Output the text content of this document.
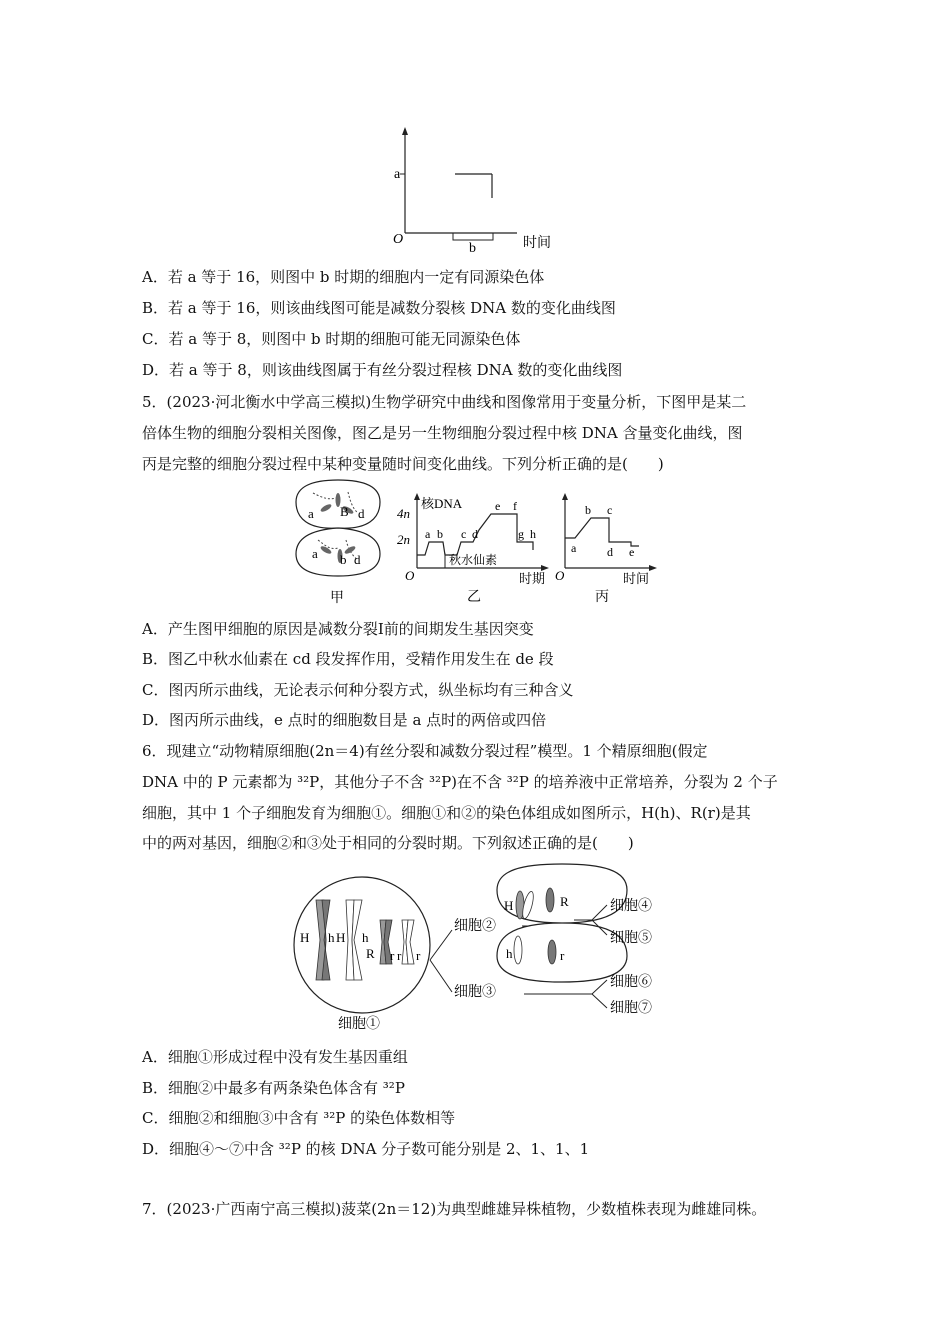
a
O
b	时间
A．若 a 等于 16，则图中 b 时期的细胞内一定有同源染色体
B．若 a 等于 16，则该曲线图可能是减数分裂核 DNA 数的变化曲线图
C．若 a 等于 8，则图中 b 时期的细胞可能无同源染色体
D．若 a 等于 8，则该曲线图属于有丝分裂过程核 DNA 数的变化曲线图
5．(2023·河北衡水中学高三模拟)生物学研究中曲线和图像常用于变量分析，下图甲是某二
倍体生物的细胞分裂相关图像，图乙是另一生物细胞分裂过程中核 DNA 含量变化曲线，图
丙是完整的细胞分裂过程中某种变量随时间变化曲线。下列分析正确的是(　　)
a B d
a b d
甲
核DNA
4n
2n a b c d
e f
g h
秋水仙素
O	时期
乙
a
b c
d e
O	时间
丙
A．产生图甲细胞的原因是减数分裂Ⅰ前的间期发生基因突变
B．图乙中秋水仙素在 cd 段发挥作用，受精作用发生在 de 段
C．图丙所示曲线，无论表示何种分裂方式，纵坐标均有三种含义
D．图丙所示曲线，e 点时的细胞数目是 a 点时的两倍或四倍
6．现建立“动物精原细胞(2n＝4)有丝分裂和减数分裂过程”模型。1 个精原细胞(假定
DNA 中的 P 元素都为 ³²P，其他分子不含 ³²P)在不含 ³²P 的培养液中正常培养，分裂为 2 个子
细胞，其中 1 个子细胞发育为细胞①。细胞①和②的染色体组成如图所示，H(h)、R(r)是其
中的两对基因，细胞②和③处于相同的分裂时期。下列叙述正确的是(　　)
H h H h
R r r r
细胞①
细胞②
细胞③
H	R
h	r
细胞④
细胞⑤
细胞⑥
细胞⑦
A．细胞①形成过程中没有发生基因重组
B．细胞②中最多有两条染色体含有 ³²P
C．细胞②和细胞③中含有 ³²P 的染色体数相等
D．细胞④～⑦中含 ³²P 的核 DNA 分子数可能分别是 2、1、1、1
7．(2023·广西南宁高三模拟)菠菜(2n＝12)为典型雌雄异株植物，少数植株表现为雌雄同株。
